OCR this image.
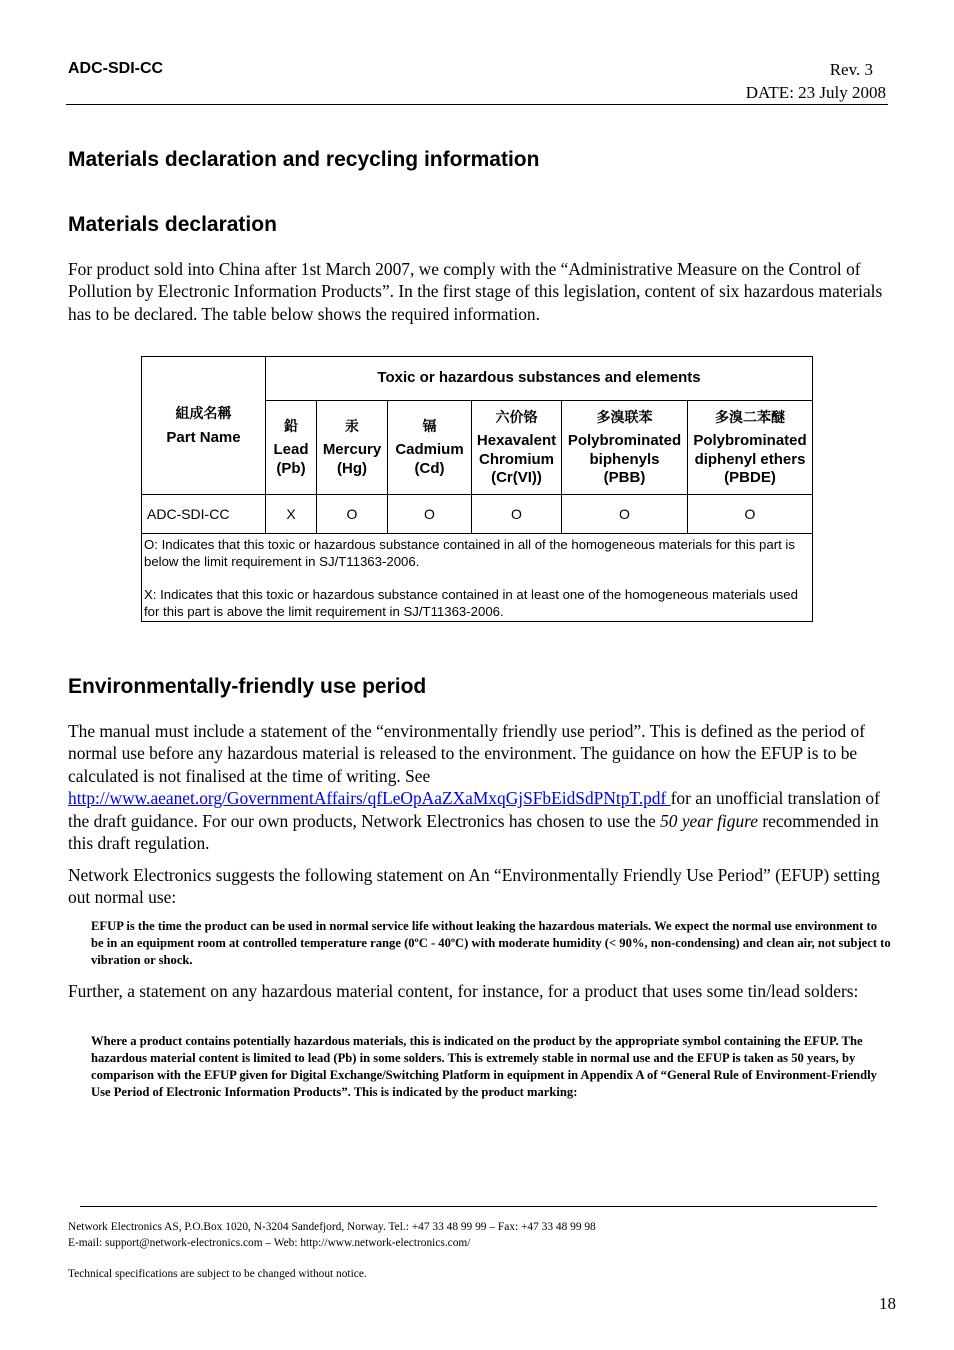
ADC-SDI-CC	Rev. 3
DATE: 23 July 2008
Materials declaration and recycling information
Materials declaration

For product sold into China after 1st March 2007, we comply with the “Administrative Measure on the Control of Pollution by Electronic Information Products”. In the first stage of this legislation, content of six hazardous materials has to be declared. The table below shows the required information.

組成名稱
Part Name	Toxic or hazardous substances and elements					

	鉛
Lead
(Pb)	汞
Mercury
(Hg)	镉
Cadmium
(Cd)	六价铬
Hexavalent
Chromium
(Cr(VI))	多溴联苯
Polybrominated
biphenyls
(PBB)	多溴二苯醚
Polybrominated
diphenyl ethers
(PBDE)
ADC-SDI-CC	X	O	O	O	O	O

O: Indicates that this toxic or hazardous substance contained in all of the homogeneous materials for this part is below the limit requirement in SJ/T11363-2006.
X: Indicates that this toxic or hazardous substance contained in at least one of the homogeneous materials used for this part is above the limit requirement in SJ/T11363-2006.						
Environmentally-friendly use period

The manual must include a statement of the “environmentally friendly use period”. This is defined as the period of normal use before any hazardous material is released to the environment. The guidance on how the EFUP is to be calculated is not finalised at the time of writing. See http://www.aeanet.org/GovernmentAffairs/qfLeOpAaZXaMxqGjSFbEidSdPNtpT.pdf for an unofficial translation of the draft guidance. For our own products, Network Electronics has chosen to use the 50 year figure recommended in this draft regulation.

Network Electronics suggests the following statement on An “Environmentally Friendly Use Period” (EFUP) setting out normal use:

EFUP is the time the product can be used in normal service life without leaking the hazardous materials. We expect the normal use environment to be in an equipment room at controlled temperature range (0ºC - 40ºC) with moderate humidity (< 90%, non-condensing) and clean air, not subject to vibration or shock.

Further, a statement on any hazardous material content, for instance, for a product that uses some tin/lead solders:

Where a product contains potentially hazardous materials, this is indicated on the product by the appropriate symbol containing the EFUP. The hazardous material content is limited to lead (Pb) in some solders. This is extremely stable in normal use and the EFUP is taken as 50 years, by comparison with the EFUP given for Digital Exchange/Switching Platform in equipment in Appendix A of “General Rule of Environment-Friendly Use Period of Electronic Information Products”. This is indicated by the product marking:

Network Electronics AS, P.O.Box 1020, N-3204 Sandefjord, Norway. Tel.: +47 33 48 99 99 – Fax: +47 33 48 99 98
E-mail: support@network-electronics.com – Web: http://www.network-electronics.com/
Technical specifications are subject to be changed without notice.
18
